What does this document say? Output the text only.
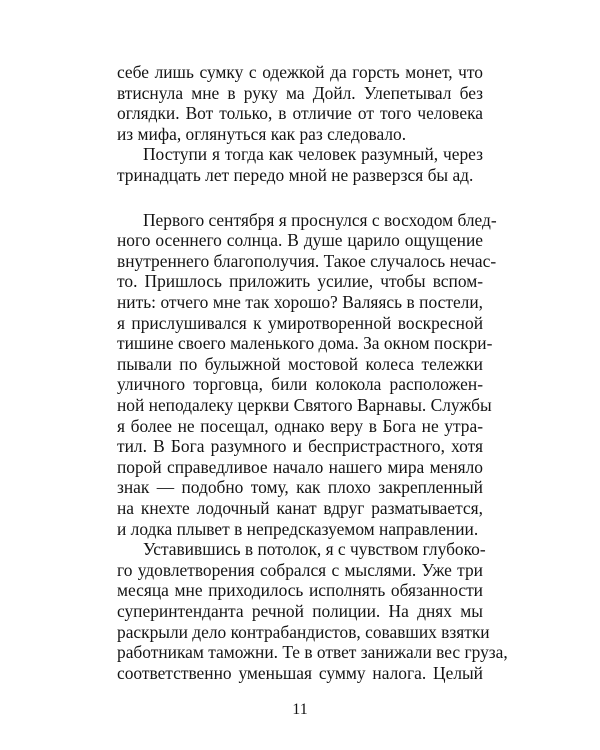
себе лишь сумку с одежкой да горсть монет, что
втиснула мне в руку ма Дойл. Улепетывал без
оглядки. Вот только, в отличие от того человека
из мифа, оглянуться как раз следовало.
Поступи я тогда как человек разумный, через
тринадцать лет передо мной не разверзся бы ад.
Первого сентября я проснулся с восходом блед-
ного осеннего солнца. В душе царило ощущение
внутреннего благополучия. Такое случалось нечас-
то. Пришлось приложить усилие, чтобы вспом-
нить: отчего мне так хорошо? Валяясь в постели,
я прислушивался к умиротворенной воскресной
тишине своего маленького дома. За окном поскри-
пывали по булыжной мостовой колеса тележки
уличного торговца, били колокола расположен-
ной неподалеку церкви Святого Варнавы. Службы
я более не посещал, однако веру в Бога не утра-
тил. В Бога разумного и беспристрастного, хотя
порой справедливое начало нашего мира меняло
знак — подобно тому, как плохо закрепленный
на кнехте лодочный канат вдруг разматывается,
и лодка плывет в непредсказуемом направлении.
Уставившись в потолок, я с чувством глубоко-
го удовлетворения собрался с мыслями. Уже три
месяца мне приходилось исполнять обязанности
суперинтенданта речной полиции. На днях мы
раскрыли дело контрабандистов, совавших взятки
работникам таможни. Те в ответ занижали вес груза,
соответственно уменьшая сумму налога. Целый
11
